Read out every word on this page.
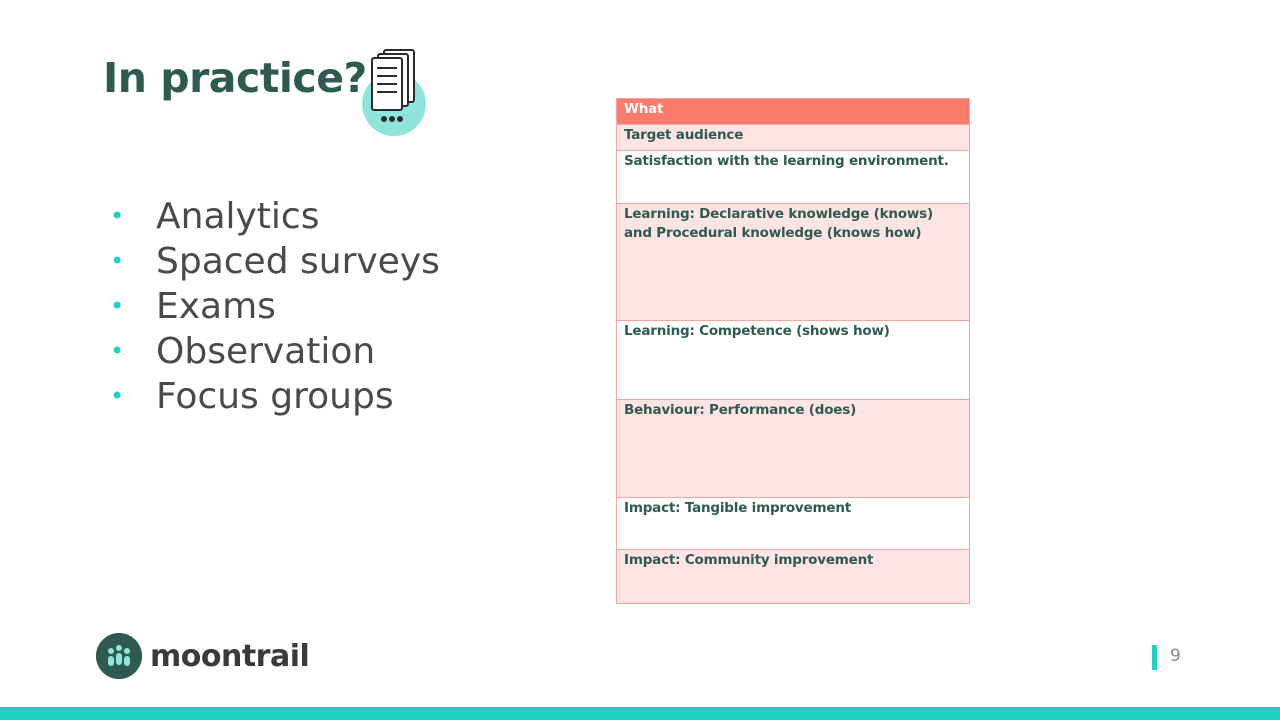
In practice?
• Analytics
• Spaced surveys
• Exams
• Observation
• Focus groups
What
Target audience
Satisfaction with the learning environment.
Learning: Declarative knowledge (knows) and Procedural knowledge (knows how)
Learning: Competence (shows how)
Behaviour: Performance (does)
Impact: Tangible improvement
Impact: Community improvement
moontrail	9
